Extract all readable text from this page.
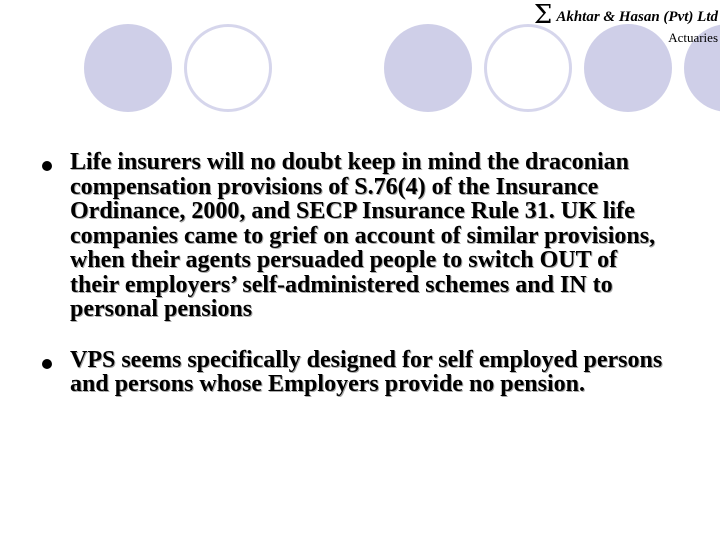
Σ Akhtar & Hasan (Pvt) Ltd
Actuaries
Life insurers will no doubt keep in mind the draconian compensation provisions of S.76(4) of the Insurance Ordinance, 2000, and SECP Insurance Rule 31. UK life companies came to grief on account of similar provisions, when their agents persuaded people to switch OUT of their employers’ self-administered schemes and IN to personal pensions
VPS seems specifically designed for self employed persons and persons whose Employers provide no pension.
